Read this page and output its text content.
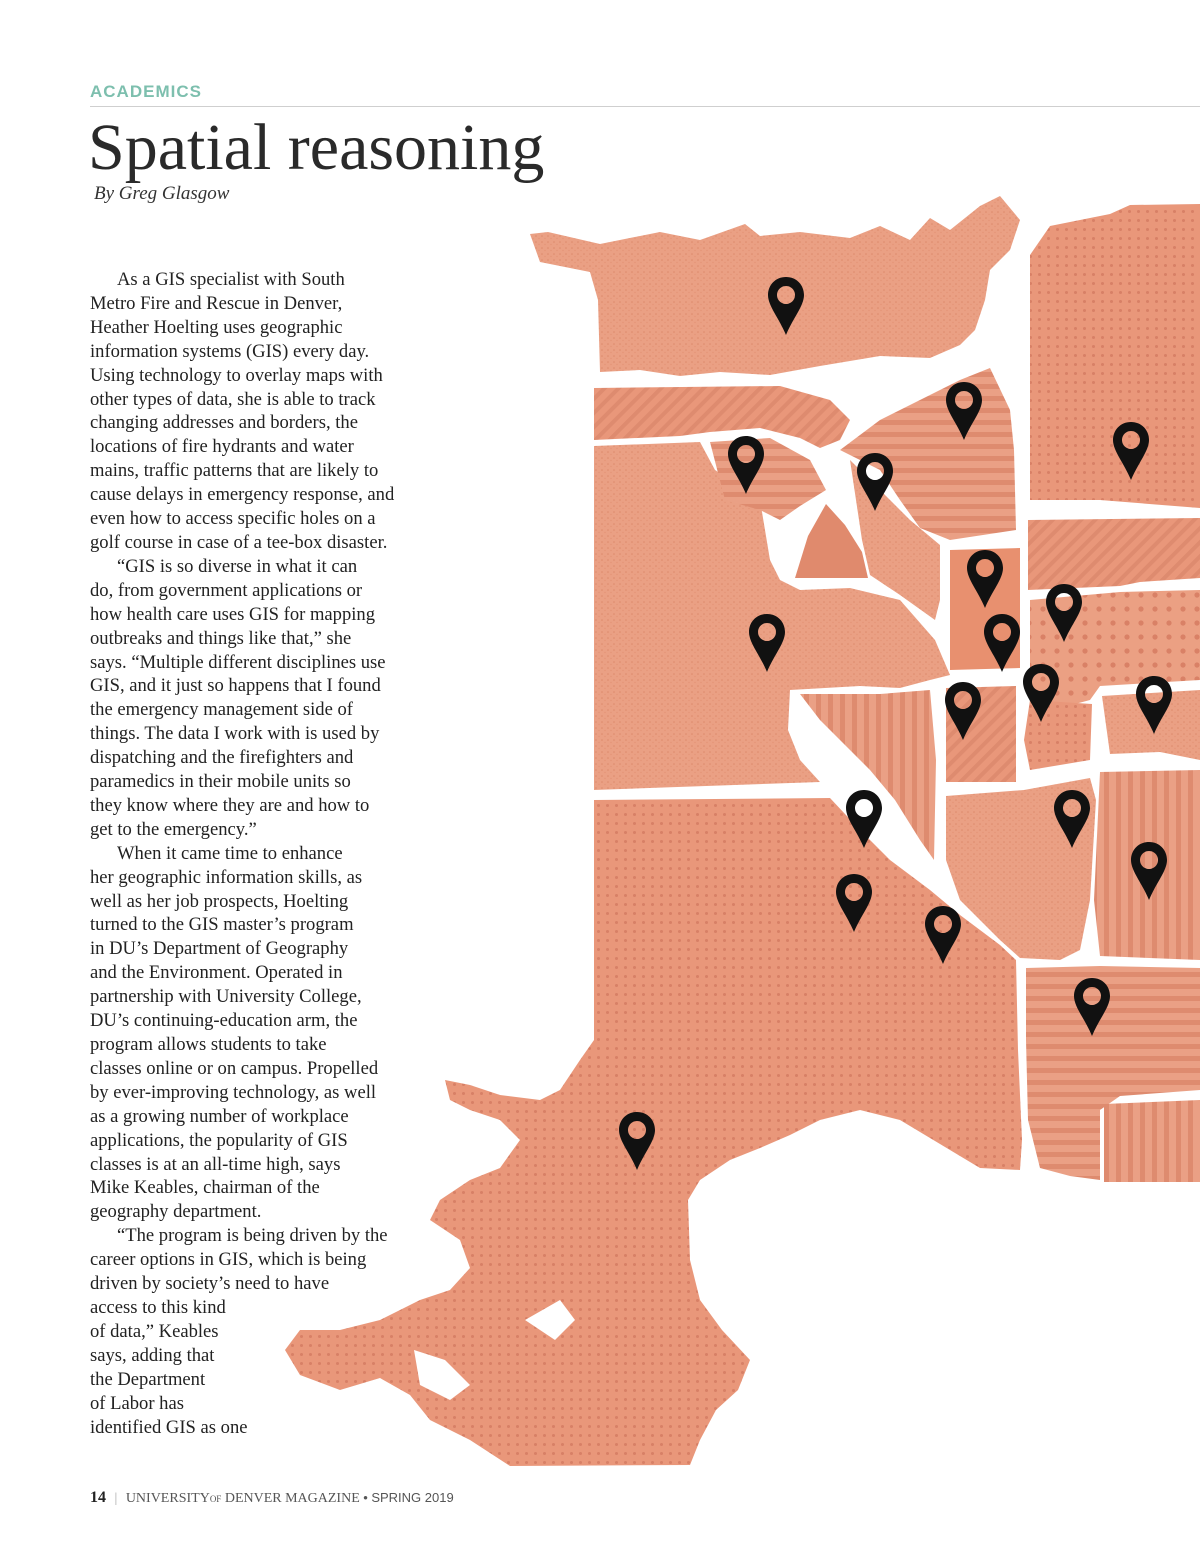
ACADEMICS
Spatial reasoning
By Greg Glasgow
As a GIS specialist with South
Metro Fire and Rescue in Denver,
Heather Hoelting uses geographic
information systems (GIS) every day.
Using technology to overlay maps with
other types of data, she is able to track
changing addresses and borders, the
locations of fire hydrants and water
mains, traffic patterns that are likely to
cause delays in emergency response, and
even how to access specific holes on a
golf course in case of a tee-box disaster.
“GIS is so diverse in what it can
do, from government applications or
how health care uses GIS for mapping
outbreaks and things like that,” she
says. “Multiple different disciplines use
GIS, and it just so happens that I found
the emergency management side of
things. The data I work with is used by
dispatching and the firefighters and
paramedics in their mobile units so
they know where they are and how to
get to the emergency.”
When it came time to enhance
her geographic information skills, as
well as her job prospects, Hoelting
turned to the GIS master’s program
in DU’s Department of Geography
and the Environment. Operated in
partnership with University College,
DU’s continuing-education arm, the
program allows students to take
classes online or on campus. Propelled
by ever-improving technology, as well
as a growing number of workplace
applications, the popularity of GIS
classes is at an all-time high, says
Mike Keables, chairman of the
geography department.
“The program is being driven by the
career options in GIS, which is being
driven by society’s need to have
access to this kind
of data,” Keables
says, adding that
the Department
of Labor has
identified GIS as one
14 | UNIVERSITYOF DENVER MAGAZINE • SPRING 2019
